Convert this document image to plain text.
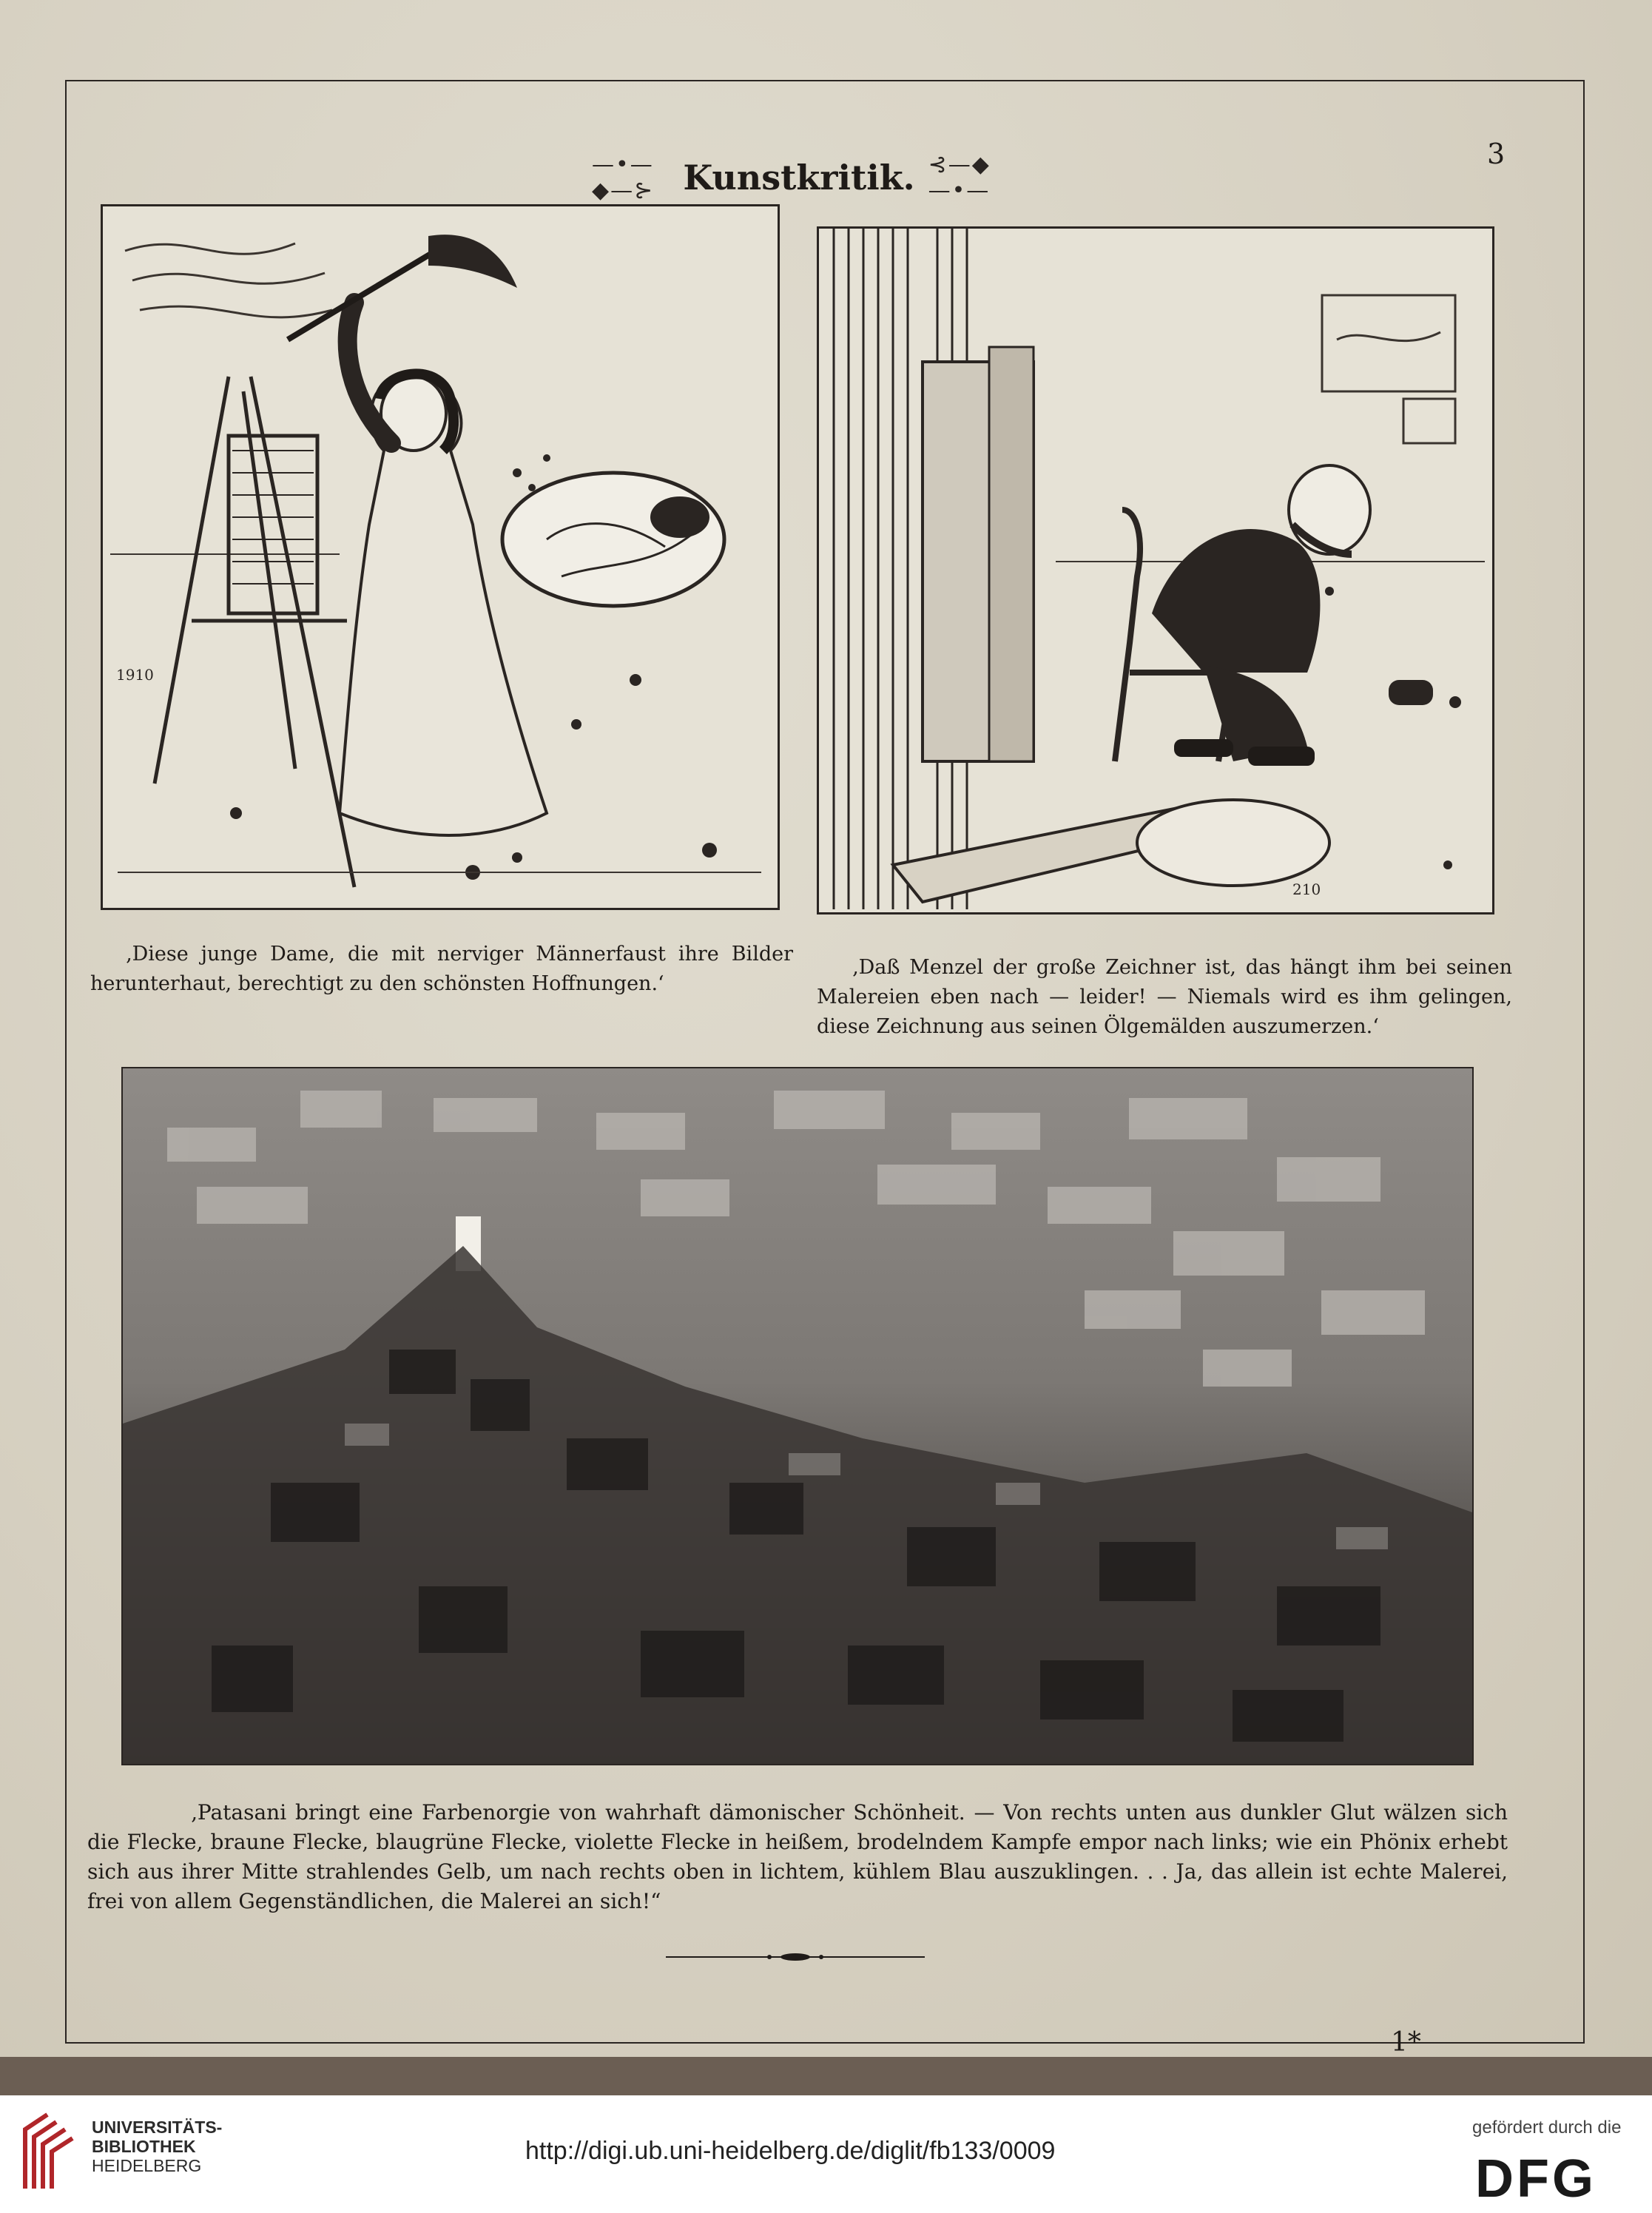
—•—◆—⊱ Kunstkritik. ⊰—◆—•—
3
1910
210
‚Diese junge Dame, die mit nerviger Männerfaust ihre Bilder herunterhaut, berechtigt zu den schönsten Hoffnungen.‘
‚Daß Menzel der große Zeichner ist, das hängt ihm bei seinen Malereien eben nach — leider! — Niemals wird es ihm gelingen, diese Zeichnung aus seinen Ölgemälden auszumerzen.‘
‚Patasani bringt eine Farbenorgie von wahrhaft dämonischer Schönheit. — Von rechts unten aus dunkler Glut wälzen sich die Flecke, braune Flecke, blaugrüne Flecke, violette Flecke in heißem, brodelndem Kampfe empor nach links; wie ein Phönix erhebt sich aus ihrer Mitte strahlendes Gelb, um nach rechts oben in lichtem, kühlem Blau auszuklingen. . . Ja, das allein ist echte Malerei, frei von allem Gegenständlichen, die Malerei an sich!“
1*
UNIVERSITÄTS-
BIBLIOTHEK
HEIDELBERG
http://digi.ub.uni-heidelberg.de/diglit/fb133/0009
gefördert durch die
DFG
